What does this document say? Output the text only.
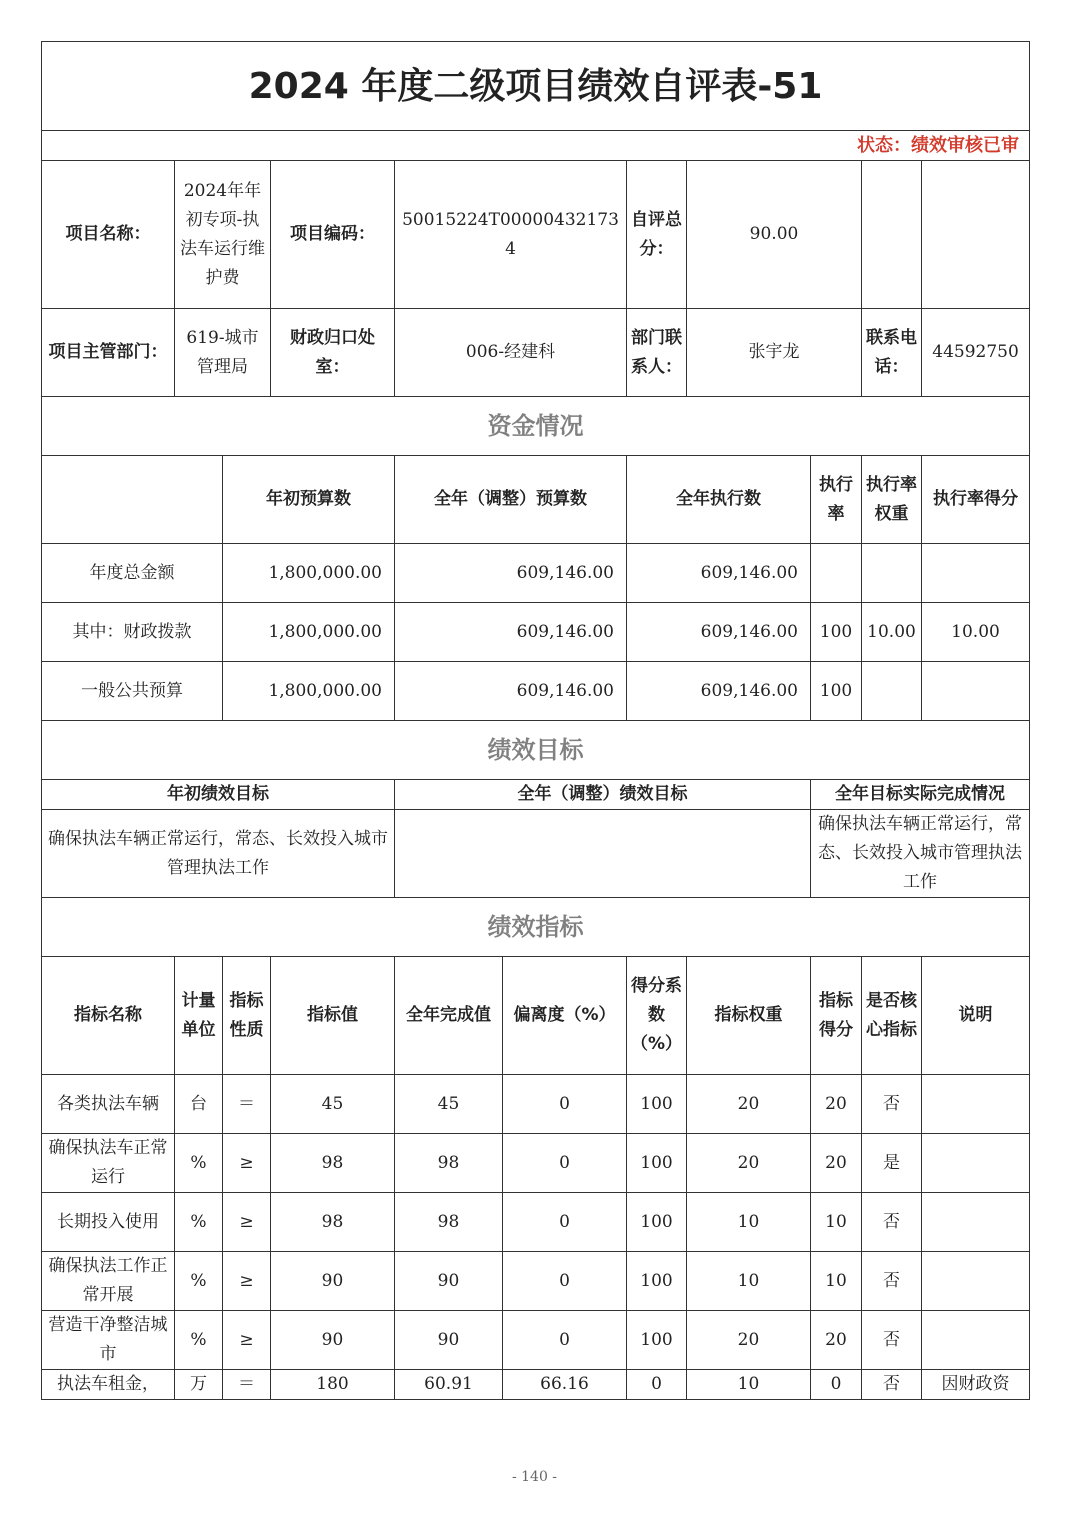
2024 年度二级项目绩效自评表-51										
状态：绩效审核已审										
项目名称：	2024年年初专项-执法车运行维护费		项目编码：	50015224T000004321734		自评总分：	90.00			
项目主管部门：	619-城市管理局		财政归口处室：	006-经建科		部门联系人：	张宇龙		联系电话：	44592750
资金情况										
		年初预算数		全年（调整）预算数		全年执行数		执行率	执行率权重	执行率得分
年度总金额		1,800,000.00		609,146.00		609,146.00				
其中：财政拨款		1,800,000.00		609,146.00		609,146.00		100	10.00	10.00
一般公共预算		1,800,000.00		609,146.00		609,146.00		100		
绩效目标										
年初绩效目标				全年（调整）绩效目标				全年目标实际完成情况		
确保执法车辆正常运行，常态、长效投入城市管理执法工作								确保执法车辆正常运行，常态、长效投入城市管理执法工作		
绩效指标										
指标名称	计量单位	指标性质	指标值	全年完成值	偏离度（%）	得分系数（%）	指标权重	指标得分	是否核心指标	说明
各类执法车辆	台	＝	45	45	0	100	20	20	否	
确保执法车正常运行	%	≥	98	98	0	100	20	20	是	
长期投入使用	%	≥	98	98	0	100	10	10	否	
确保执法工作正常开展	%	≥	90	90	0	100	10	10	否	
营造干净整洁城市	%	≥	90	90	0	100	20	20	否	
执法车租金，	万	＝	180	60.91	66.16	0	10	0	否	因财政资
- 140 -
